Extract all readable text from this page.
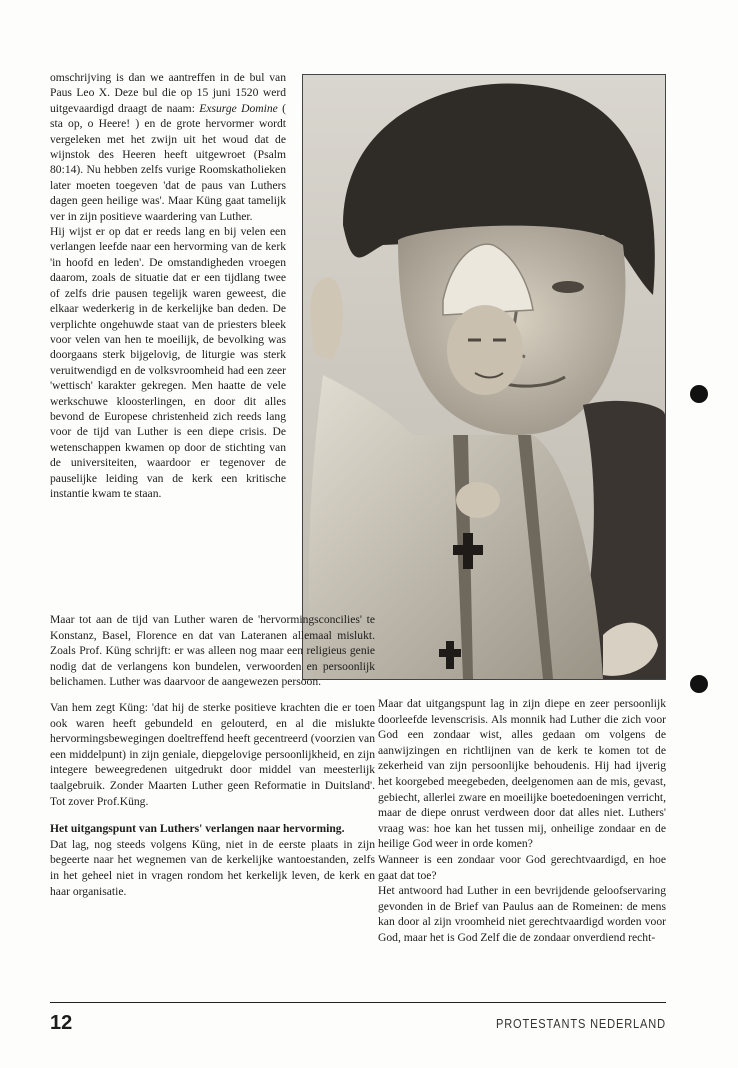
omschrijving is dan we aantreffen in de bul van Paus Leo X. Deze bul die op 15 juni 1520 werd uitgevaardigd draagt de naam: Exsurge Domine ( sta op, o Heere! ) en de grote hervormer wordt vergeleken met het zwijn uit het woud dat de wijnstok des Heeren heeft uitgewroet (Psalm 80:14). Nu hebben zelfs vurige Roomskatholieken later moeten toegeven 'dat de paus van Luthers dagen geen heilige was'. Maar Küng gaat tamelijk ver in zijn positieve waardering van Luther.

Hij wijst er op dat er reeds lang en bij velen een verlangen leefde naar een hervorming van de kerk 'in hoofd en leden'. De omstandigheden vroegen daarom, zoals de situatie dat er een tijdlang twee of zelfs drie pausen tegelijk waren geweest, die elkaar wederkerig in de kerkelijke ban deden. De verplichte ongehuwde staat van de priesters bleek voor velen van hen te moeilijk, de bevolking was doorgaans sterk bijgelovig, de liturgie was sterk veruitwendigd en de volksvroomheid had een zeer 'wettisch' karakter gekregen. Men haatte de vele werkschuwe kloosterlingen, en door dit alles bevond de Europese christenheid zich reeds lang voor de tijd van Luther is een diepe crisis. De wetenschappen kwamen op door de stichting van de universiteiten, waardoor er tegenover de pauselijke leiding van de kerk een kritische instantie kwam te staan.

Maar tot aan de tijd van Luther waren de 'hervormingsconcilies' te Konstanz, Basel, Florence en dat van Lateranen allemaal mislukt. Zoals Prof. Küng schrijft: er was alleen nog maar een religieus genie nodig dat de verlangens kon bundelen, verwoorden en persoonlijk belichamen. Luther was daarvoor de aangewezen persoon.

Van hem zegt Küng: 'dat hij de sterke positieve krachten die er toen ook waren heeft gebundeld en gelouterd, en al die mislukte hervormingsbewegingen doeltreffend heeft gecentreerd (voorzien van een middelpunt) in zijn geniale, diepgelovige persoonlijkheid, en zijn integere beweegredenen uitgedrukt door middel van meesterlijk taalgebruik. Zonder Maarten Luther geen Reformatie in Duitsland'. Tot zover Prof.Küng.

Het uitgangspunt van Luthers' verlangen naar hervorming.

Dat lag, nog steeds volgens Küng, niet in de eerste plaats in zijn begeerte naar het wegnemen van de kerkelijke wantoestanden, zelfs in het geheel niet in vragen rondom het kerkelijk leven, de kerk en haar organisatie.

Maar dat uitgangspunt lag in zijn diepe en zeer persoonlijk doorleefde levenscrisis. Als monnik had Luther die zich voor God een zondaar wist, alles gedaan om volgens de aanwijzingen en richtlijnen van de kerk te komen tot de zekerheid van zijn persoonlijke behoudenis. Hij had ijverig het koorgebed meegebeden, deelgenomen aan de mis, gevast, gebiecht, allerlei zware en moeilijke boetedoeningen verricht, maar de diepe onrust verdween door dat alles niet. Luthers' vraag was: hoe kan het tussen mij, onheilige zondaar en de heilige God weer in orde komen?

Wanneer is een zondaar voor God gerechtvaardigd, en hoe gaat dat toe?

Het antwoord had Luther in een bevrijdende geloofservaring gevonden in de Brief van Paulus aan de Romeinen: de mens kan door al zijn vroomheid niet gerechtvaardigd worden voor God, maar het is God Zelf die de zondaar onverdiend recht-

12	PROTESTANTS NEDERLAND
